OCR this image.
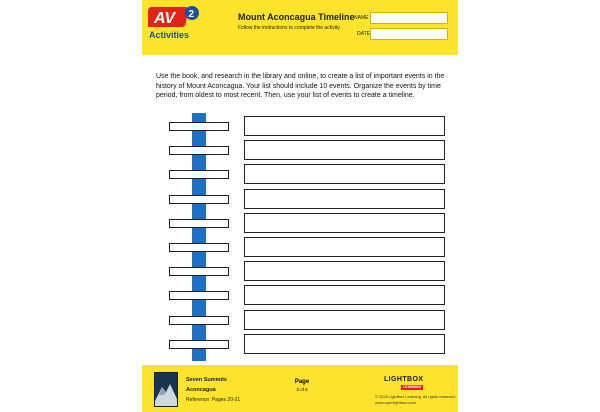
AV 2
Activities
Mount Aconcagua Timeline
Follow the instructions to complete the activity.
NAME
DATE
Use the book, and research in the library and online, to create a list of important events in the history of Mount Aconcagua. Your list should include 10 events. Organize the events by time period, from oldest to most recent. Then, use your list of events to create a timeline.
Seven Summits
Aconcagua
Reference: Pages 20-21
Page
3 of 6
LIGHTBOX
LEARNING
© 2020 Lightbox Learning. All rights reserved.
www.openlightbox.com
